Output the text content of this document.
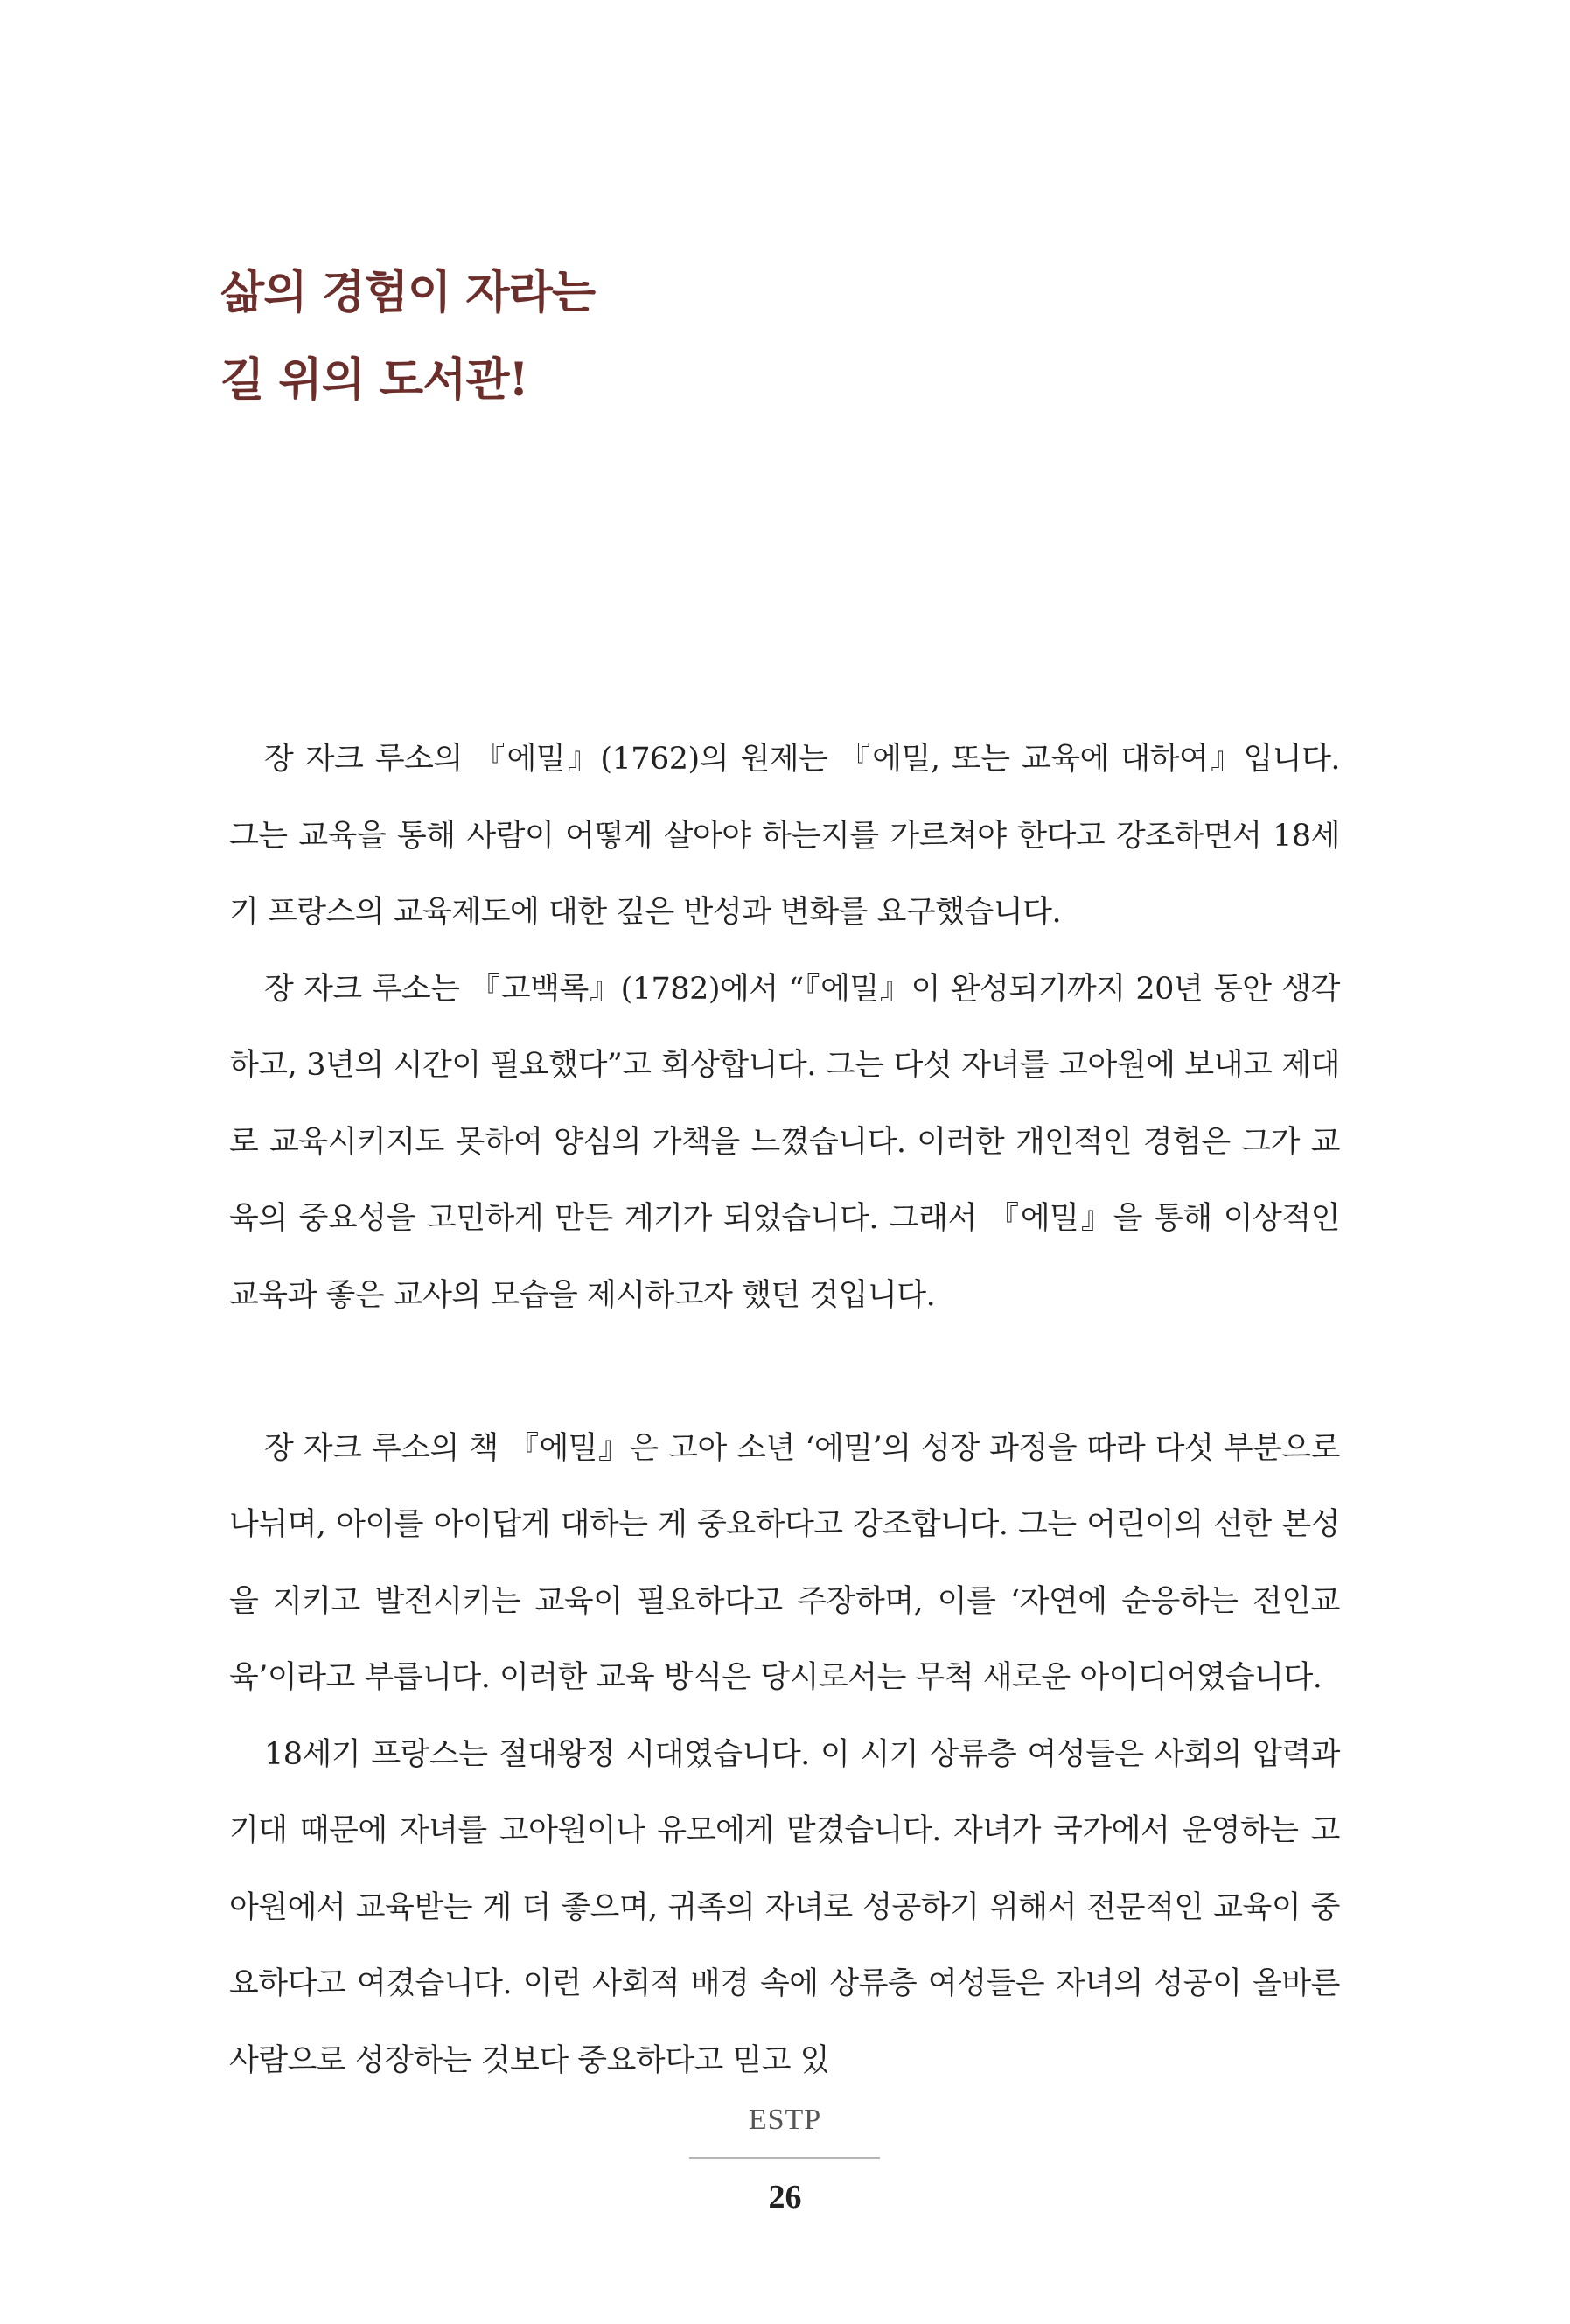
삶의 경험이 자라는
길 위의 도서관!

장 자크 루소의 『에밀』(1762)의 원제는 『에밀, 또는 교육에 대하여』입니다. 그는 교육을 통해 사람이 어떻게 살아야 하는지를 가르쳐야 한다고 강조하면서 18세기 프랑스의 교육제도에 대한 깊은 반성과 변화를 요구했습니다.

장 자크 루소는 『고백록』(1782)에서 “『에밀』이 완성되기까지 20년 동안 생각하고, 3년의 시간이 필요했다”고 회상합니다. 그는 다섯 자녀를 고아원에 보내고 제대로 교육시키지도 못하여 양심의 가책을 느꼈습니다. 이러한 개인적인 경험은 그가 교육의 중요성을 고민하게 만든 계기가 되었습니다. 그래서 『에밀』을 통해 이상적인 교육과 좋은 교사의 모습을 제시하고자 했던 것입니다.

장 자크 루소의 책 『에밀』은 고아 소년 ‘에밀’의 성장 과정을 따라 다섯 부분으로 나뉘며, 아이를 아이답게 대하는 게 중요하다고 강조합니다. 그는 어린이의 선한 본성을 지키고 발전시키는 교육이 필요하다고 주장하며, 이를 ‘자연에 순응하는 전인교육’이라고 부릅니다. 이러한 교육 방식은 당시로서는 무척 새로운 아이디어였습니다.

18세기 프랑스는 절대왕정 시대였습니다. 이 시기 상류층 여성들은 사회의 압력과 기대 때문에 자녀를 고아원이나 유모에게 맡겼습니다. 자녀가 국가에서 운영하는 고아원에서 교육받는 게 더 좋으며, 귀족의 자녀로 성공하기 위해서 전문적인 교육이 중요하다고 여겼습니다. 이런 사회적 배경 속에 상류층 여성들은 자녀의 성공이 올바른 사람으로 성장하는 것보다 중요하다고 믿고 있

ESTP
26
